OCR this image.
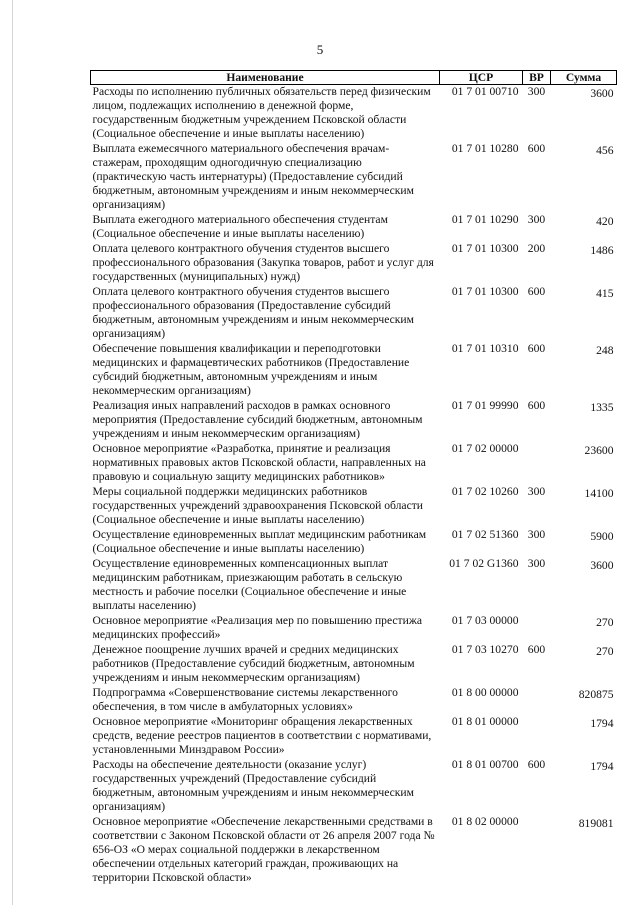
5
Наименование	ЦСР	ВР	Сумма
Расходы по исполнению публичных обязательств перед физическим лицом, подлежащих исполнению в денежной форме, государственным бюджетным учреждением Псковской области (Социальное обеспечение и иные выплаты населению)	01 7 01 00710	300	3600
Выплата ежемесячного материального обеспечения врачам-стажерам, проходящим одногодичную специализацию (практическую часть интернатуры) (Предоставление субсидий бюджетным, автономным учреждениям и иным некоммерческим организациям)	01 7 01 10280	600	456
Выплата ежегодного материального обеспечения студентам (Социальное обеспечение и иные выплаты населению)	01 7 01 10290	300	420
Оплата целевого контрактного обучения студентов высшего профессионального образования (Закупка товаров, работ и услуг для государственных (муниципальных) нужд)	01 7 01 10300	200	1486
Оплата целевого контрактного обучения студентов высшего профессионального образования (Предоставление субсидий бюджетным, автономным учреждениям и иным некоммерческим организациям)	01 7 01 10300	600	415
Обеспечение повышения квалификации и переподготовки медицинских и фармацевтических работников (Предоставление субсидий бюджетным, автономным учреждениям и иным некоммерческим организациям)	01 7 01 10310	600	248
Реализация иных направлений расходов в рамках основного мероприятия (Предоставление субсидий бюджетным, автономным учреждениям и иным некоммерческим организациям)	01 7 01 99990	600	1335
Основное мероприятие «Разработка, принятие и реализация нормативных правовых актов Псковской области, направленных на правовую и социальную защиту медицинских работников»	01 7 02 00000		23600
Меры социальной поддержки медицинских работников государственных учреждений здравоохранения Псковской области (Социальное обеспечение и иные выплаты населению)	01 7 02 10260	300	14100
Осуществление единовременных выплат медицинским работникам (Социальное обеспечение и иные выплаты населению)	01 7 02 51360	300	5900
Осуществление единовременных компенсационных выплат медицинским работникам, приезжающим работать в сельскую местность и рабочие поселки (Социальное обеспечение и иные выплаты населению)	01 7 02 G1360	300	3600
Основное мероприятие «Реализация мер по повышению престижа медицинских профессий»	01 7 03 00000		270
Денежное поощрение лучших врачей и средних медицинских работников (Предоставление субсидий бюджетным, автономным учреждениям и иным некоммерческим организациям)	01 7 03 10270	600	270
Подпрограмма «Совершенствование системы лекарственного обеспечения, в том числе в амбулаторных условиях»	01 8 00 00000		820875
Основное мероприятие «Мониторинг обращения лекарственных средств, ведение реестров пациентов в соответствии с нормативами, установленными Минздравом России»	01 8 01 00000		1794
Расходы на обеспечение деятельности (оказание услуг) государственных учреждений (Предоставление субсидий бюджетным, автономным учреждениям и иным некоммерческим организациям)	01 8 01 00700	600	1794
Основное мероприятие «Обеспечение лекарственными средствами в соответствии с Законом Псковской области от 26 апреля 2007 года № 656-ОЗ «О мерах социальной поддержки в лекарственном обеспечении отдельных категорий граждан, проживающих на территории Псковской области»	01 8 02 00000		819081
